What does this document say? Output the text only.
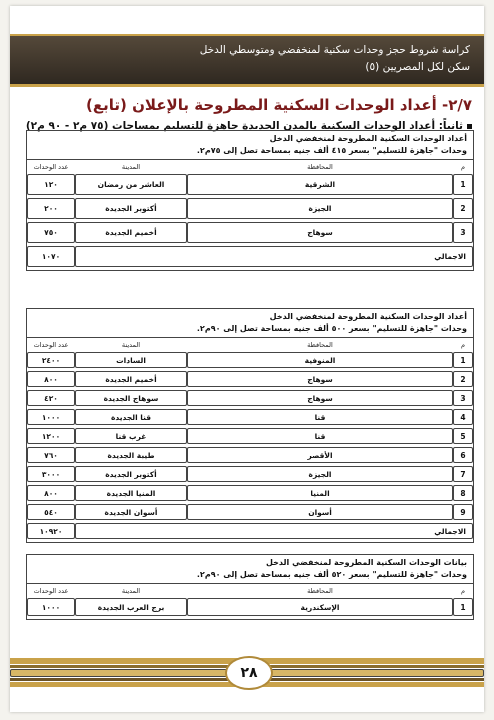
كراسة شروط حجز وحدات سكنية لمنخفضي ومتوسطي الدخل
سكن لكل المصريين (٥)
٢/٧- أعداد الوحدات السكنية المطروحة بالإعلان (تابع)
ثانياً: أعداد الوحدات السكنية بالمدن الجديدة جاهزة للتسليم بمساحات (٧٥ م٢ - ٩٠ م٢)
أعداد الوحدات السكنية المطروحة لمنخفضي الدخل
وحدات "جاهزة للتسليم" بسعر ٤١٥ ألف جنيه بمساحة تصل إلى ٧٥م٢.
م	المحافظة	المدينة	عدد الوحدات

1	الشرقية	العاشر من رمضان	١٢٠

2	الجيزة	أكتوبر الجديدة	٢٠٠

3	سوهاج	أخميم الجديدة	٧٥٠

الاجمالي			١٠٧٠
أعداد الوحدات السكنية المطروحة لمنخفضي الدخل
وحدات "جاهزة للتسليم" بسعر ٥٠٠ ألف جنيه بمساحة تصل إلى ٩٠م٢.
م	المحافظة	المدينة	عدد الوحدات

1	المنوفية	السادات	٢٤٠٠

2	سوهاج	أخميم الجديدة	٨٠٠

3	سوهاج	سوهاج الجديدة	٤٢٠

4	قنا	قنا الجديدة	١٠٠٠

5	قنا	غرب قنا	١٢٠٠

6	الأقصر	طيبة الجديدة	٧٦٠

7	الجيزة	أكتوبر الجديدة	٣٠٠٠

8	المنيا	المنيا الجديدة	٨٠٠

9	أسوان	أسوان الجديدة	٥٤٠

الاجمالي			١٠٩٢٠
بيانات الوحدات السكنية المطروحة لمنخفضي الدخل
وحدات "جاهزة للتسليم" بسعر ٥٢٠ ألف جنيه بمساحة تصل إلى ٩٠م٢.
م	المحافظة	المدينة	عدد الوحدات

1	الإسكندرية	برج العرب الجديدة	١٠٠٠
٢٨
